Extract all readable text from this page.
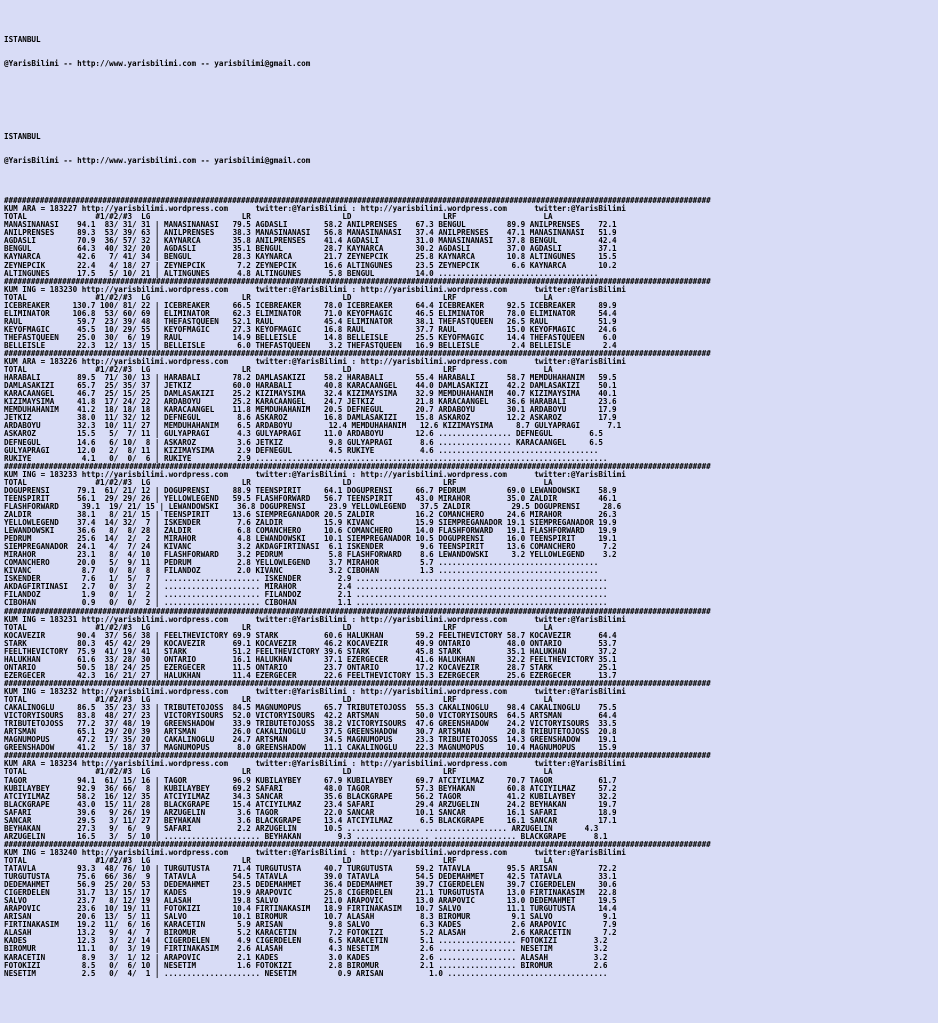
ISTANBUL

@YarisBilimi -- http://www.yarisbilimi.com -- yarisbilimi@gmail.com

ISTANBUL

@YarisBilimi -- http://www.yarisbilimi.com -- yarisbilimi@gmail.com

##############################################################################################################################################################
KUM ARA = 183227 http://yarisbilimi.wordpress.com      twitter:@YarisBilimi : http://yarisbilimi.wordpress.com      twitter:@YarisBilimi
TOTAL               #1/#2/#3  LG                    LR                    LD                    LRF                   LA
MANASINANASI    94.1  83/ 31/ 31 | MANASINANASI   79.5 AGDASLI        58.2 ANILPRENSES    67.3 BENGUL         89.9 ANILPRENSES    72.1
ANILPRENSES     89.3  53/ 39/ 63 | ANILPRENSES    38.3 MANASINANASI   56.8 MANASINANASI   37.4 ANILPRENSES    47.1 MANASINANASI   51.9
AGDASLI         70.9  36/ 57/ 32 | KAYNARCA       35.8 ANILPRENSES    41.4 AGDASLI        31.0 MANASINANASI   37.8 BENGUL         42.4
BENGUL          64.3  40/ 32/ 20 | AGDASLI        35.1 BENGUL         28.7 KAYNARCA       30.2 AGDASLI        37.0 AGDASLI        37.1
KAYNARCA        42.6   7/ 41/ 34 | BENGUL         28.3 KAYNARCA       21.7 ZEYNEPCIK      25.8 KAYNARCA       10.8 ALTINGUNES     15.5
ZEYNEPCIK       22.4   4/ 18/ 27 | ZEYNEPCIK       7.2 ZEYNEPCIK      16.6 ALTINGUNES     23.5 ZEYNEPCIK       6.6 KAYNARCA       10.2
ALTINGUNES      17.5   5/ 10/ 21 | ALTINGUNES      4.8 ALTINGUNES      5.8 BENGUL         14.0 ...................................
##############################################################################################################################################################
KUM ING = 183230 http://yarisbilimi.wordpress.com      twitter:@YarisBilimi : http://yarisbilimi.wordpress.com      twitter:@YarisBilimi
TOTAL               #1/#2/#3  LG                    LR                    LD                    LRF                   LA
ICEBREAKER     130.7 100/ 81/ 22 | ICEBREAKER     66.5 ICEBREAKER     78.0 ICEBREAKER     64.4 ICEBREAKER     92.5 ICEBREAKER     89.9
ELIMINATOR     106.8  53/ 60/ 69 | ELIMINATOR     62.3 ELIMINATOR     71.0 KEYOFMAGIC     46.5 ELIMINATOR     78.0 ELIMINATOR     54.4
RAUL            59.7  23/ 39/ 48 | THEFASTQUEEN   52.1 RAUL           45.4 ELIMINATOR     38.1 THEFASTQUEEN   26.5 RAUL           51.9
KEYOFMAGIC      45.5  10/ 29/ 55 | KEYOFMAGIC     27.3 KEYOFMAGIC     16.8 RAUL           37.7 RAUL           15.0 KEYOFMAGIC     24.6
THEFASTQUEEN    25.0  30/  6/ 19 | RAUL           14.9 BELLEISLE      14.8 BELLEISLE      25.5 KEYOFMAGIC     14.4 THEFASTQUEEN    6.0
BELLEISLE       22.3  12/ 13/ 15 | BELLEISLE       6.0 THEFASTQUEEN    3.2 THEFASTQUEEN   16.9 BELLEISLE       2.4 BELLEISLE       2.4
##############################################################################################################################################################
KUM ARA = 183226 http://yarisbilimi.wordpress.com      twitter:@YarisBilimi : http://yarisbilimi.wordpress.com      twitter:@YarisBilimi
TOTAL               #1/#2/#3  LG                    LR                    LD                    LRF                   LA
HARABALI        89.5  71/ 30/ 13 | HARABALI       78.2 DAMLASAKIZI    58.2 HARABALI       55.4 HARABALI       58.7 MEMDUHAHANIM   59.5
DAMLASAKIZI     65.7  25/ 35/ 37 | JETKIZ         60.0 HARABALI       40.8 KARACAANGEL    44.0 DAMLASAKIZI    42.2 DAMLASAKIZI    50.1
KARACAANGEL     46.7  25/ 15/ 25 | DAMLASAKIZI    25.2 KIZIMAYSIMA    32.4 KIZIMAYSIMA    32.9 MEMDUHAHANIM   40.7 KIZIMAYSIMA    40.1
KIZIMAYSIMA     41.8  17/ 24/ 22 | ARDABOYU       25.2 KARACAANGEL    24.7 JETKIZ         21.8 KARACAANGEL    36.6 HARABALI       23.6
MEMDUHAHANIM    41.2  18/ 18/ 18 | KARACAANGEL    11.8 MEMDUHAHANIM   20.5 DEFNEGUL       20.7 ARDABOYU       30.1 ARDABOYU       17.9
JETKIZ          38.0  11/ 32/ 12 | DEFNEGUL        8.6 ASKAROZ        16.8 DAMLASAKIZI    15.8 ASKAROZ        12.2 ASKAROZ        17.9
ARDABOYU        32.3  10/ 11/ 27 | MEMDUHAHANIM    6.5 ARDABOYU        12.4 MEMDUHAHANIM   12.6 KIZIMAYSIMA     8.7 GULYAPRAGI      7.1
ASKAROZ         15.5   5/  7/ 11 | GULYAPRAGI      4.3 GULYAPRAGI     11.0 ARDABOYU       12.6 ................ DEFNEGUL        6.5
DEFNEGUL        14.6   6/ 10/  8 | ASKAROZ         3.6 JETKIZ          9.8 GULYAPRAGI      8.6 ................ KARACAANGEL     6.5
GULYAPRAGI      12.0   2/  8/ 11 | KIZIMAYSIMA     2.9 DEFNEGUL        4.5 RUKIYE          4.6 ...................................
RUKIYE           4.1   0/  0/  6 | RUKIYE          2.9 .............................................................................
##############################################################################################################################################################
KUM ING = 183233 http://yarisbilimi.wordpress.com      twitter:@YarisBilimi : http://yarisbilimi.wordpress.com      twitter:@YarisBilimi
TOTAL               #1/#2/#3  LG                    LR                    LD                    LRF                   LA
DOGUPRENSI      79.1  61/ 21/ 12 | DOGUPRENSI     88.9 TEENSPIRIT     64.1 DOGUPRENSI     66.7 PEDRUM         69.0 LEWANDOWSKI    58.9
TEENSPIRIT      56.1  29/ 29/ 26 | YELLOWLEGEND   59.5 FLASHFORWARD   56.7 TEENSPIRIT     43.0 MIRAHOR        35.0 ZALDIR         46.1
FLASHFORWARD     39.1  19/ 21/ 15 | LEWANDOWSKI    36.8 DOGUPRENSI     23.9 YELLOWLEGEND   37.5 ZALDIR         29.5 DOGUPRENSI     28.6
ZALDIR          38.1   8/ 21/ 15 | TEENSPIRIT     13.6 SIEMPREGANADOR 20.5 ZALDIR         16.2 COMANCHERO     24.6 MIRAHOR        26.3
YELLOWLEGEND    37.4  14/ 32/  7 | ISKENDER        7.6 ZALDIR         15.9 KIVANC         15.9 SIEMPREGANADOR 19.1 SIEMPREGANADOR 19.9
LEWANDOWSKI     36.6   8/  8/ 28 | ZALDIR          6.8 COMANCHERO     10.6 COMANCHERO     14.0 FLASHFORWARD   19.1 FLASHFORWARD   19.9
PEDRUM          25.6  14/  2/  2 | MIRAHOR         4.8 LEWANDOWSKI    10.1 SIEMPREGANADOR 10.5 DOGUPRENSI     16.0 TEENSPIRIT     19.1
SIEMPREGANADOR  24.1   4/  7/ 24 | KIVANC          3.2 AKDAGFIRTINASI  6.1 ISKENDER        9.6 TEENSPIRIT     13.6 COMANCHERO      7.2
MIRAHOR         23.1   8/  4/ 10 | FLASHFORWARD    3.2 PEDRUM          5.8 FLASHFORWARD    8.6 LEWANDOWSKI     3.2 YELLOWLEGEND    3.2
COMANCHERO      20.0   5/  9/ 11 | PEDRUM          2.8 YELLOWLEGEND    3.7 MIRAHOR         5.7 ...................................
KIVANC           8.7   0/  8/  8 | FILANDOZ        2.0 KIVANC          3.2 CIBOHAN         1.3 ...................................
ISKENDER         7.6   1/  5/  7 | ..................... ISKENDER        2.9 .......................................................
AKDAGFIRTINASI   2.7   0/  3/  2 | ..................... MIRAHOR         2.4 .......................................................
FILANDOZ         1.9   0/  1/  2 | ..................... FILANDOZ        2.1 .......................................................
CIBOHAN          0.9   0/  0/  2 | ..................... CIBOHAN         1.1 .......................................................
##############################################################################################################################################################
KUM ING = 183231 http://yarisbilimi.wordpress.com      twitter:@YarisBilimi : http://yarisbilimi.wordpress.com      twitter:@YarisBilimi
TOTAL               #1/#2/#3  LG                    LR                    LD                    LRF                   LA
KOCAVEZIR       90.4  37/ 56/ 38 | FEELTHEVICTORY 69.9 STARK          60.6 HALUKHAN       59.2 FEELTHEVICTORY 58.7 KOCAVEZIR      64.4
STARK           80.3  45/ 42/ 29 | KOCAVEZIR      69.1 KOCAVEZIR      46.2 KOCAVEZIR      49.9 ONTARIO        48.0 ONTARIO        53.7
FEELTHEVICTORY  75.9  41/ 19/ 41 | STARK          51.2 FEELTHEVICTORY 39.6 STARK          45.8 STARK          35.1 HALUKHAN       37.2
HALUKHAN        61.6  33/ 28/ 30 | ONTARIO        16.1 HALUKHAN       37.1 EZERGECER      41.6 HALUKHAN       32.2 FEELTHEVICTORY 35.1
ONTARIO         50.5  18/ 24/ 25 | EZERGECER      11.5 ONTARIO        23.7 ONTARIO        17.2 KOCAVEZIR      28.7 STARK          25.1
EZERGECER       42.3  16/ 21/ 27 | HALUKHAN       11.4 EZERGECER      22.6 FEELTHEVICTORY 15.3 EZERGECER      25.6 EZERGECER      13.7
##############################################################################################################################################################
KUM ING = 183232 http://yarisbilimi.wordpress.com      twitter:@YarisBilimi : http://yarisbilimi.wordpress.com      twitter:@YarisBilimi
TOTAL               #1/#2/#3  LG                    LR                    LD                    LRF                   LA
CAKALINOGLU     86.5  35/ 23/ 33 | TRIBUTETOJOSS  84.5 MAGNUMOPUS     65.7 TRIBUTETOJOSS  55.3 CAKALINOGLU    98.4 CAKALINOGLU    75.5
VICTORYISOURS   83.8  48/ 27/ 23 | VICTORYISOURS  52.0 VICTORYISOURS  42.2 ARTSMAN        50.0 VICTORYISOURS  64.5 ARTSMAN        64.4
TRIBUTETOJOSS   77.2  37/ 48/ 19 | GREENSHADOW    33.9 TRIBUTETOJOSS  38.2 VICTORYISOURS  47.6 GREENSHADOW    24.2 VICTORYISOURS  33.5
ARTSMAN         65.1  29/ 20/ 39 | ARTSMAN        26.0 CAKALINOGLU    37.5 GREENSHADOW    30.7 ARTSMAN        20.8 TRIBUTETOJOSS  20.8
MAGNUMOPUS      47.2  17/ 35/ 20 | CAKALINOGLU    24.7 ARTSMAN        34.5 MAGNUMOPUS     23.3 TRIBUTETOJOSS  14.3 GREENSHADOW    19.1
GREENSHADOW     41.2   5/ 18/ 37 | MAGNUMOPUS      8.0 GREENSHADOW    11.1 CAKALINOGLU    22.3 MAGNUMOPUS     10.4 MAGNUMOPUS     15.9
##############################################################################################################################################################
KUM ARA = 183234 http://yarisbilimi.wordpress.com      twitter:@YarisBilimi : http://yarisbilimi.wordpress.com      twitter:@YarisBilimi
TOTAL               #1/#2/#3  LG                    LR                    LD                    LRF                   LA
TAGOR           94.1  61/ 15/ 16 | TAGOR          96.9 KUBILAYBEY     67.9 KUBILAYBEY     69.7 ATCIYILMAZ     70.7 TAGOR          61.7
KUBILAYBEY      92.9  36/ 66/  8 | KUBILAYBEY     69.2 SAFARI         48.0 TAGOR          57.3 BEYHAKAN       60.8 ATCIYILMAZ     57.2
ATCIYILMAZ      58.2  16/ 12/ 35 | ATCIYILMAZ     34.3 SANCAR         35.6 BLACKGRAPE     56.2 TAGOR          41.2 KUBILAYBEY     32.2
BLACKGRAPE      43.0  15/ 11/ 28 | BLACKGRAPE     15.4 ATCIYILMAZ     23.4 SAFARI         29.4 ARZUGELIN      24.2 BEYHAKAN       19.7
SAFARI          39.6   9/ 26/ 19 | ARZUGELIN       3.6 TAGOR          22.0 SANCAR         10.1 SANCAR         16.1 SAFARI         18.9
SANCAR          29.5   3/ 11/ 27 | BEYHAKAN        3.6 BLACKGRAPE     13.4 ATCIYILMAZ      6.5 BLACKGRAPE     16.1 SANCAR         17.1
BEYHAKAN        27.3   9/  6/  9 | SAFARI          2.2 ARZUGELIN      10.5 ................ .................. ARZUGELIN       4.3
ARZUGELIN       16.5   3/  5/ 10 | ..................... BEYHAKAN        9.3 ................ .................. BLACKGRAPE      8.1
##############################################################################################################################################################
KUM ING = 183240 http://yarisbilimi.wordpress.com      twitter:@YarisBilimi : http://yarisbilimi.wordpress.com      twitter:@YarisBilimi
TOTAL               #1/#2/#3  LG                    LR                    LD                    LRF                   LA
TATAVLA         93.3  48/ 76/ 10 | TURGUTUSTA     71.4 TURGUTUSTA     40.7 TURGUTUSTA     59.2 TATAVLA        95.5 ARISAN         72.2
TURGUTUSTA      75.6  66/ 36/  9 | TATAVLA        54.5 TATAVLA        39.0 TATAVLA        54.5 DEDEMAHMET     42.5 TATAVLA        33.1
DEDEMAHMET      56.9  25/ 20/ 53 | DEDEMAHMET     23.5 DEDEMAHMET     36.4 DEDEMAHMET     39.7 CIGERDELEN     39.7 CIGERDELEN     30.6
CIGERDELEN      31.7  13/ 15/ 17 | KADES          19.9 ARAPOVIC       25.8 CIGERDELEN     21.1 TURGUTUSTA     13.0 FIRTINAKASIM   22.8
SALVO           23.7   8/ 12/ 19 | ALASAH         19.8 SALVO          21.0 ARAPOVIC       13.0 ARAPOVIC       13.0 DEDEMAHMET     19.5
ARAPOVIC        23.6  10/ 19/ 11 | FOTOKIZI       10.4 FIRTINAKASIM   18.9 FIRTINAKASIM   10.7 SALVO          11.1 TURGUTUSTA     14.4
ARISAN          20.6  13/  5/ 11 | SALVO          10.1 BIROMUR        10.7 ALASAH          8.3 BIROMUR         9.1 SALVO           9.1
FIRTINAKASIM    19.2  11/  6/ 16 | KARACETIN       5.9 ARISAN          9.8 SALVO           6.3 KADES           2.6 ARAPOVIC        7.9
ALASAH          13.2   9/  4/  7 | BIROMUR         5.2 KARACETIN       7.2 FOTOKIZI        5.2 ALASAH          2.6 KARACETIN       7.2
KADES           12.3   3/  2/ 14 | CIGERDELEN      4.9 CIGERDELEN      6.5 KARACETIN       5.1 ................. FOTOKIZI        3.2
BIROMUR         11.1   0/  3/ 19 | FIRTINAKASIM    2.6 ALASAH          4.3 NESETIM         2.6 ................. NESETIM         3.2
KARACETIN        8.9   3/  1/ 12 | ARAPOVIC        2.1 KADES           3.0 KADES           2.6 ................. ALASAH          3.2
FOTOKIZI         8.5   0/  6/ 10 | NESETIM         1.6 FOTOKIZI        2.8 BIROMUR         2.1 ................. BIROMUR         2.6
NESETIM          2.5   0/  4/  1 | ..................... NESETIM         0.9 ARISAN          1.0 ...................................
